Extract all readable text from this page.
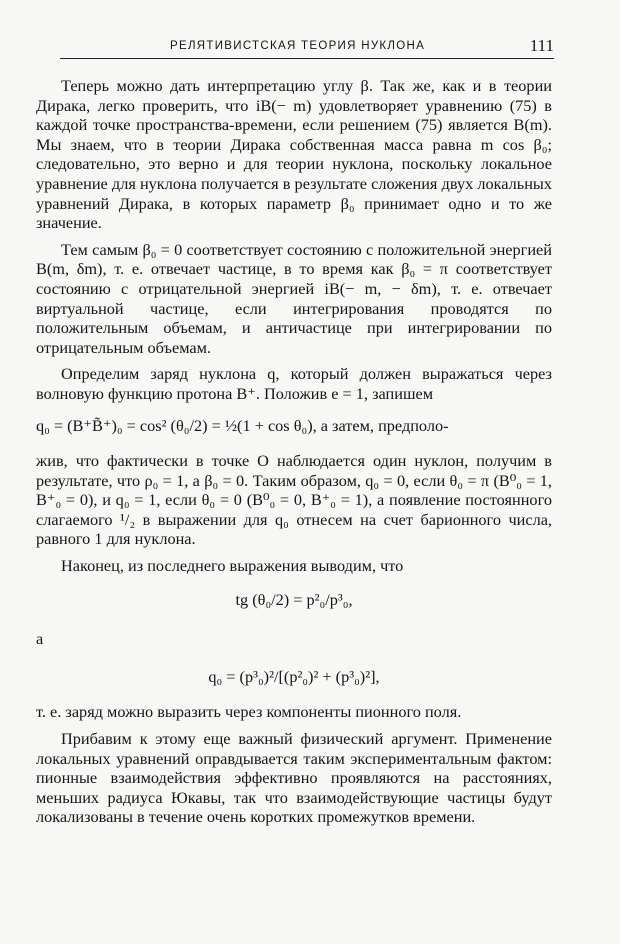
РЕЛЯТИВИСТСКАЯ ТЕОРИЯ НУКЛОНА	111

Теперь можно дать интерпретацию углу β. Так же, как и в теории Дирака, легко проверить, что iB(− m) удовлетворяет уравнению (75) в каждой точке пространства-времени, если решением (75) является B(m). Мы знаем, что в теории Дирака собственная масса равна m cos β₀; следовательно, это верно и для теории нуклона, поскольку локальное уравнение для нуклона получается в результате сложения двух локальных уравнений Дирака, в которых параметр β₀ принимает одно и то же значение.

Тем самым β₀ = 0 соответствует состоянию с положительной энергией B(m, δm), т. е. отвечает частице, в то время как β₀ = π соответствует состоянию с отрицательной энергией iB(− m, − δm), т. е. отвечает виртуальной частице, если интегрирования проводятся по положительным объемам, и античастице при интегрировании по отрицательным объемам.

Определим заряд нуклона q, который должен выражаться через волновую функцию протона B⁺. Положив e = 1, запишем

q₀ = (B⁺B̃⁺)₀ = cos² (θ₀/2) = ½(1 + cos θ₀), а затем, предполо-

жив, что фактически в точке O наблюдается один нуклон, получим в результате, что ρ₀ = 1, а β₀ = 0. Таким образом, q₀ = 0, если θ₀ = π (B⁰₀ = 1, B⁺₀ = 0), и q₀ = 1, если θ₀ = 0 (B⁰₀ = 0, B⁺₀ = 1), а появление постоянного слагаемого ¹/₂ в выражении для q₀ отнесем на счет барионного числа, равного 1 для нуклона.

Наконец, из последнего выражения выводим, что

tg (θ₀/2) = p²₀/p³₀,

а

q₀ = (p³₀)²/[(p²₀)² + (p³₀)²],

т. е. заряд можно выразить через компоненты пионного поля.

Прибавим к этому еще важный физический аргумент. Применение локальных уравнений оправдывается таким экспериментальным фактом: пионные взаимодействия эффективно проявляются на расстояниях, меньших радиуса Юкавы, так что взаимодействующие частицы будут локализованы в течение очень коротких промежутков времени.
